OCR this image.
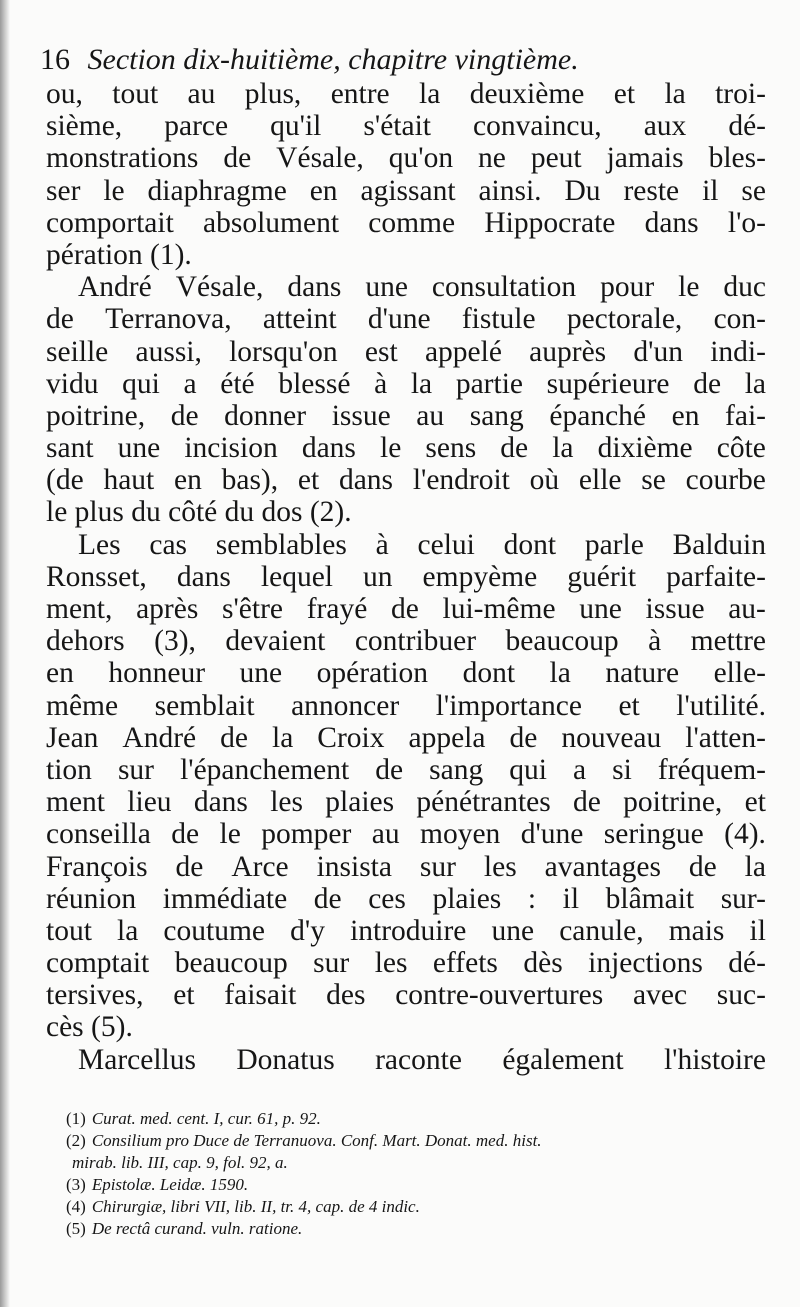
16 Section dix-huitième, chapitre vingtième.
ou, tout au plus, entre la deuxième et la troi-
sième, parce qu'il s'était convaincu, aux dé-
monstrations de Vésale, qu'on ne peut jamais bles-
ser le diaphragme en agissant ainsi. Du reste il se
comportait absolument comme Hippocrate dans l'o-
pération (1).
André Vésale, dans une consultation pour le duc
de Terranova, atteint d'une fistule pectorale, con-
seille aussi, lorsqu'on est appelé auprès d'un indi-
vidu qui a été blessé à la partie supérieure de la
poitrine, de donner issue au sang épanché en fai-
sant une incision dans le sens de la dixième côte
(de haut en bas), et dans l'endroit où elle se courbe
le plus du côté du dos (2).
Les cas semblables à celui dont parle Balduin
Ronsset, dans lequel un empyème guérit parfaite-
ment, après s'être frayé de lui-même une issue au-
dehors (3), devaient contribuer beaucoup à mettre
en honneur une opération dont la nature elle-
même semblait annoncer l'importance et l'utilité.
Jean André de la Croix appela de nouveau l'atten-
tion sur l'épanchement de sang qui a si fréquem-
ment lieu dans les plaies pénétrantes de poitrine, et
conseilla de le pomper au moyen d'une seringue (4).
François de Arce insista sur les avantages de la
réunion immédiate de ces plaies : il blâmait sur-
tout la coutume d'y introduire une canule, mais il
comptait beaucoup sur les effets dès injections dé-
tersives, et faisait des contre-ouvertures avec suc-
cès (5).
Marcellus Donatus raconte également l'histoire
(1) Curat. med. cent. I, cur. 61, p. 92.
(2) Consilium pro Duce de Terranuova. Conf. Mart. Donat. med. hist.
mirab. lib. III, cap. 9, fol. 92, a.
(3) Epistolæ. Leidæ. 1590.
(4) Chirurgiæ, libri VII, lib. II, tr. 4, cap. de 4 indic.
(5) De rectâ curand. vuln. ratione.
